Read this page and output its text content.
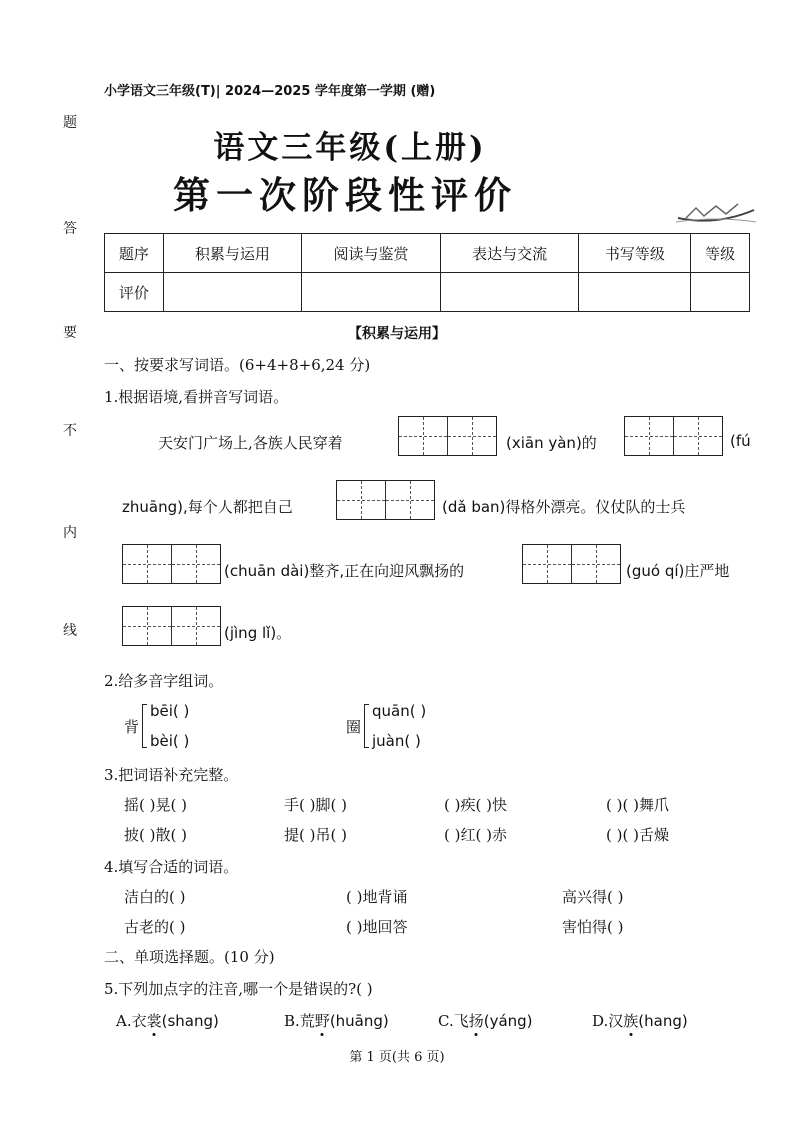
题
答
要
不
内
线
小学语文三年级(T)| 2024—2025 学年度第一学期 (赠)
语文三年级(上册)
第一次阶段性评价
题序	积累与运用	阅读与鉴赏	表达与交流	书写等级	等级
评价					
【积累与运用】
一、按要求写词语。(6+4+8+6,24 分)
1.根据语境,看拼音写词语。
天安门广场上,各族人民穿着	(xiān yàn)的	(fú
zhuāng),每个人都把自己	(dǎ ban)得格外漂亮。仪仗队的士兵
(chuān dài)整齐,正在向迎风飘扬的	(guó qí)庄严地
(jìng lǐ)。
2.给多音字组词。
背
bēi( )
bèi( )
圈
quān( )
juàn( )
3.把词语补充完整。
摇( )晃( )	手( )脚( )	( )疾( )快	( )( )舞爪
披( )散( )	提( )吊( )	( )红( )赤	( )( )舌燥
4.填写合适的词语。
洁白的( )	( )地背诵	高兴得( )
古老的( )	( )地回答	害怕得( )
二、单项选择题。(10 分)
5.下列加点字的注音,哪一个是错误的?( )
A.衣裳(shang)	B.荒野(huāng)	C.飞扬(yáng)	D.汉族(hang)
第 1 页(共 6 页)
